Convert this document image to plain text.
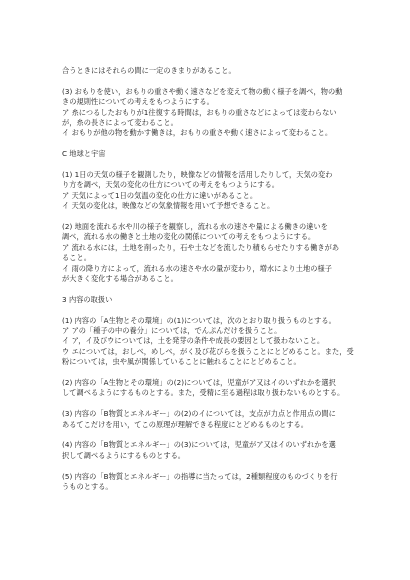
合うときにはそれらの間に一定のきまりがあること。
(3) おもりを使い，おもりの重さや動く速さなどを変えて物の動く様子を調べ，物の動
きの規則性についての考えをもつようにする。
ア 糸につるしたおもりが1往復する時間は，おもりの重さなどによっては変わらない
が，糸の長さによって変わること。
イ おもりが他の物を動かす働きは，おもりの重さや動く速さによって変わること。
C 地球と宇宙
(1) 1日の天気の様子を観測したり，映像などの情報を活用したりして，天気の変わ
り方を調べ，天気の変化の仕方についての考えをもつようにする。
ア 天気によって1日の気温の変化の仕方に違いがあること。
イ 天気の変化は，映像などの気象情報を用いて予想できること。
(2) 地面を流れる水や川の様子を観察し，流れる水の速さや量による働きの違いを
調べ，流れる水の働きと土地の変化の関係についての考えをもつようにする。
ア 流れる水には，土地を削ったり，石や土などを流したり積もらせたりする働きがあ
ること。
イ 雨の降り方によって，流れる水の速さや水の量が変わり，増水により土地の様子
が大きく変化する場合があること。
3 内容の取扱い
(1) 内容の「A生物とその環境」の(1)については，次のとおり取り扱うものとする。
ア アの「種子の中の養分」については，でんぷんだけを扱うこと。
イ ア，イ及びウについては，土を発芽の条件や成長の要因として扱わないこと。
ウ エについては，おしべ，めしべ，がく及び花びらを扱うことにとどめること。また，受
粉については，虫や風が関係していることに触れることにとどめること。
(2) 内容の「A生物とその環境」の(2)については，児童がア又はイのいずれかを選択
して調べるようにするものとする。また，受精に至る過程は取り扱わないものとする。
(3) 内容の「B物質とエネルギー」の(2)のイについては，支点が力点と作用点の間に
あるてこだけを用い，てこの原理が理解できる程度にとどめるものとする。
(4) 内容の「B物質とエネルギー」の(3)については，児童がア又はイのいずれかを選
択して調べるようにするものとする。
(5) 内容の「B物質とエネルギー」の指導に当たっては，2種類程度のものづくりを行
うものとする。
